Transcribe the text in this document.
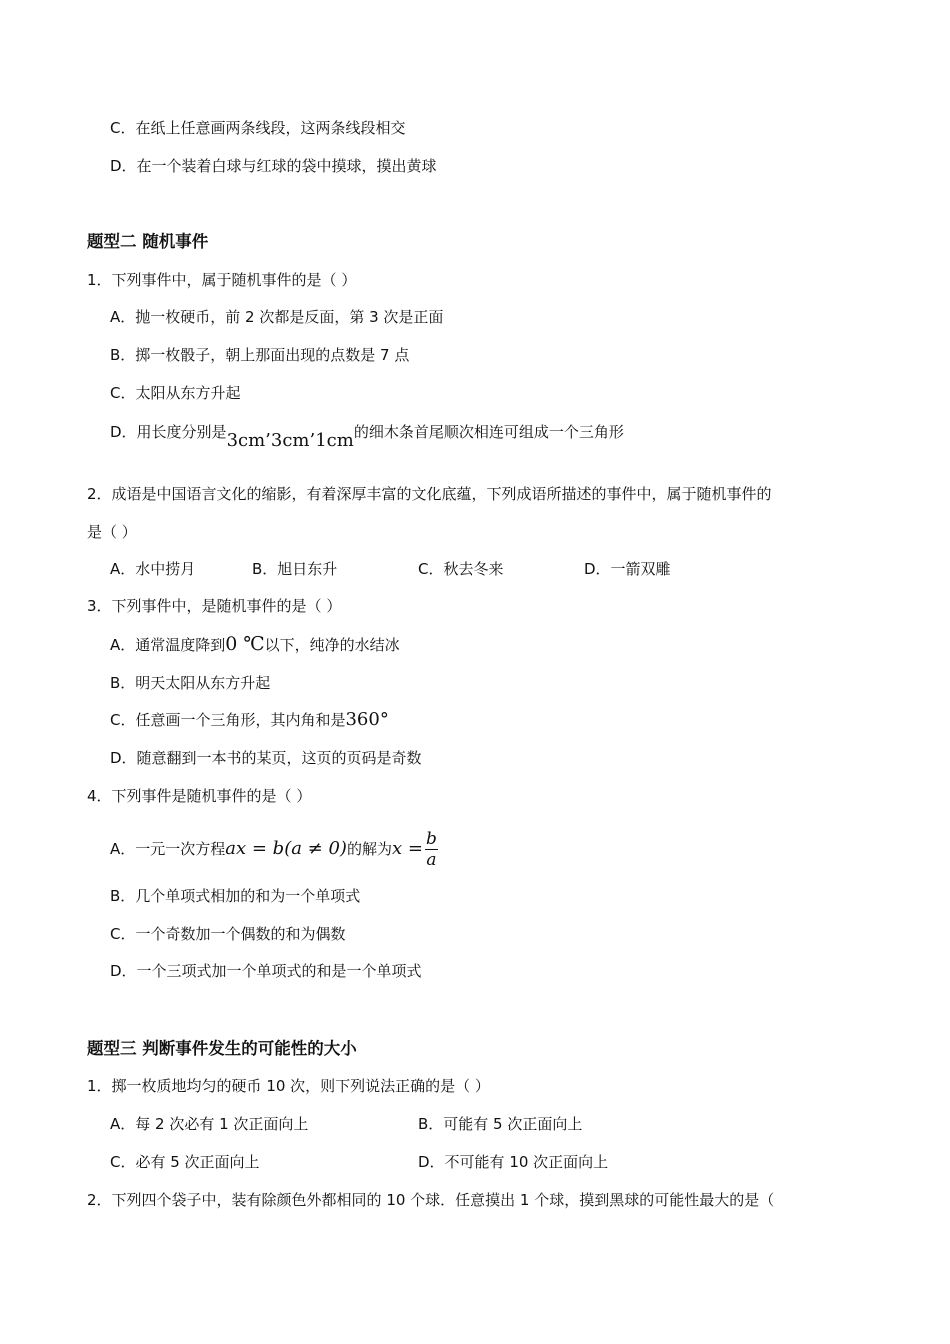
C．在纸上任意画两条线段，这两条线段相交
D．在一个装着白球与红球的袋中摸球，摸出黄球
题型二 随机事件
1．下列事件中，属于随机事件的是（ ）
A．抛一枚硬币，前 2 次都是反面，第 3 次是正面
B．掷一枚骰子，朝上那面出现的点数是 7 点
C．太阳从东方升起
D．用长度分别是3cm’3cm’1cm的细木条首尾顺次相连可组成一个三角形
2．成语是中国语言文化的缩影，有着深厚丰富的文化底蕴，下列成语所描述的事件中，属于随机事件的
是（ ）
A．水中捞月	B．旭日东升	C．秋去冬来	D．一箭双雕
3．下列事件中，是随机事件的是（ ）
A．通常温度降到0 ℃以下，纯净的水结冰
B．明天太阳从东方升起
C．任意画一个三角形，其内角和是360°
D．随意翻到一本书的某页，这页的页码是奇数
4．下列事件是随机事件的是（ ）
A．一元一次方程ax = b(a ≠ 0)的解为$x = \frac{b}{a}$
B．几个单项式相加的和为一个单项式
C．一个奇数加一个偶数的和为偶数
D．一个三项式加一个单项式的和是一个单项式
题型三 判断事件发生的可能性的大小
1．掷一枚质地均匀的硬币 10 次，则下列说法正确的是（ ）
A．每 2 次必有 1 次正面向上	B．可能有 5 次正面向上
C．必有 5 次正面向上	D．不可能有 10 次正面向上
2．下列四个袋子中，装有除颜色外都相同的 10 个球．任意摸出 1 个球，摸到黑球的可能性最大的是（
